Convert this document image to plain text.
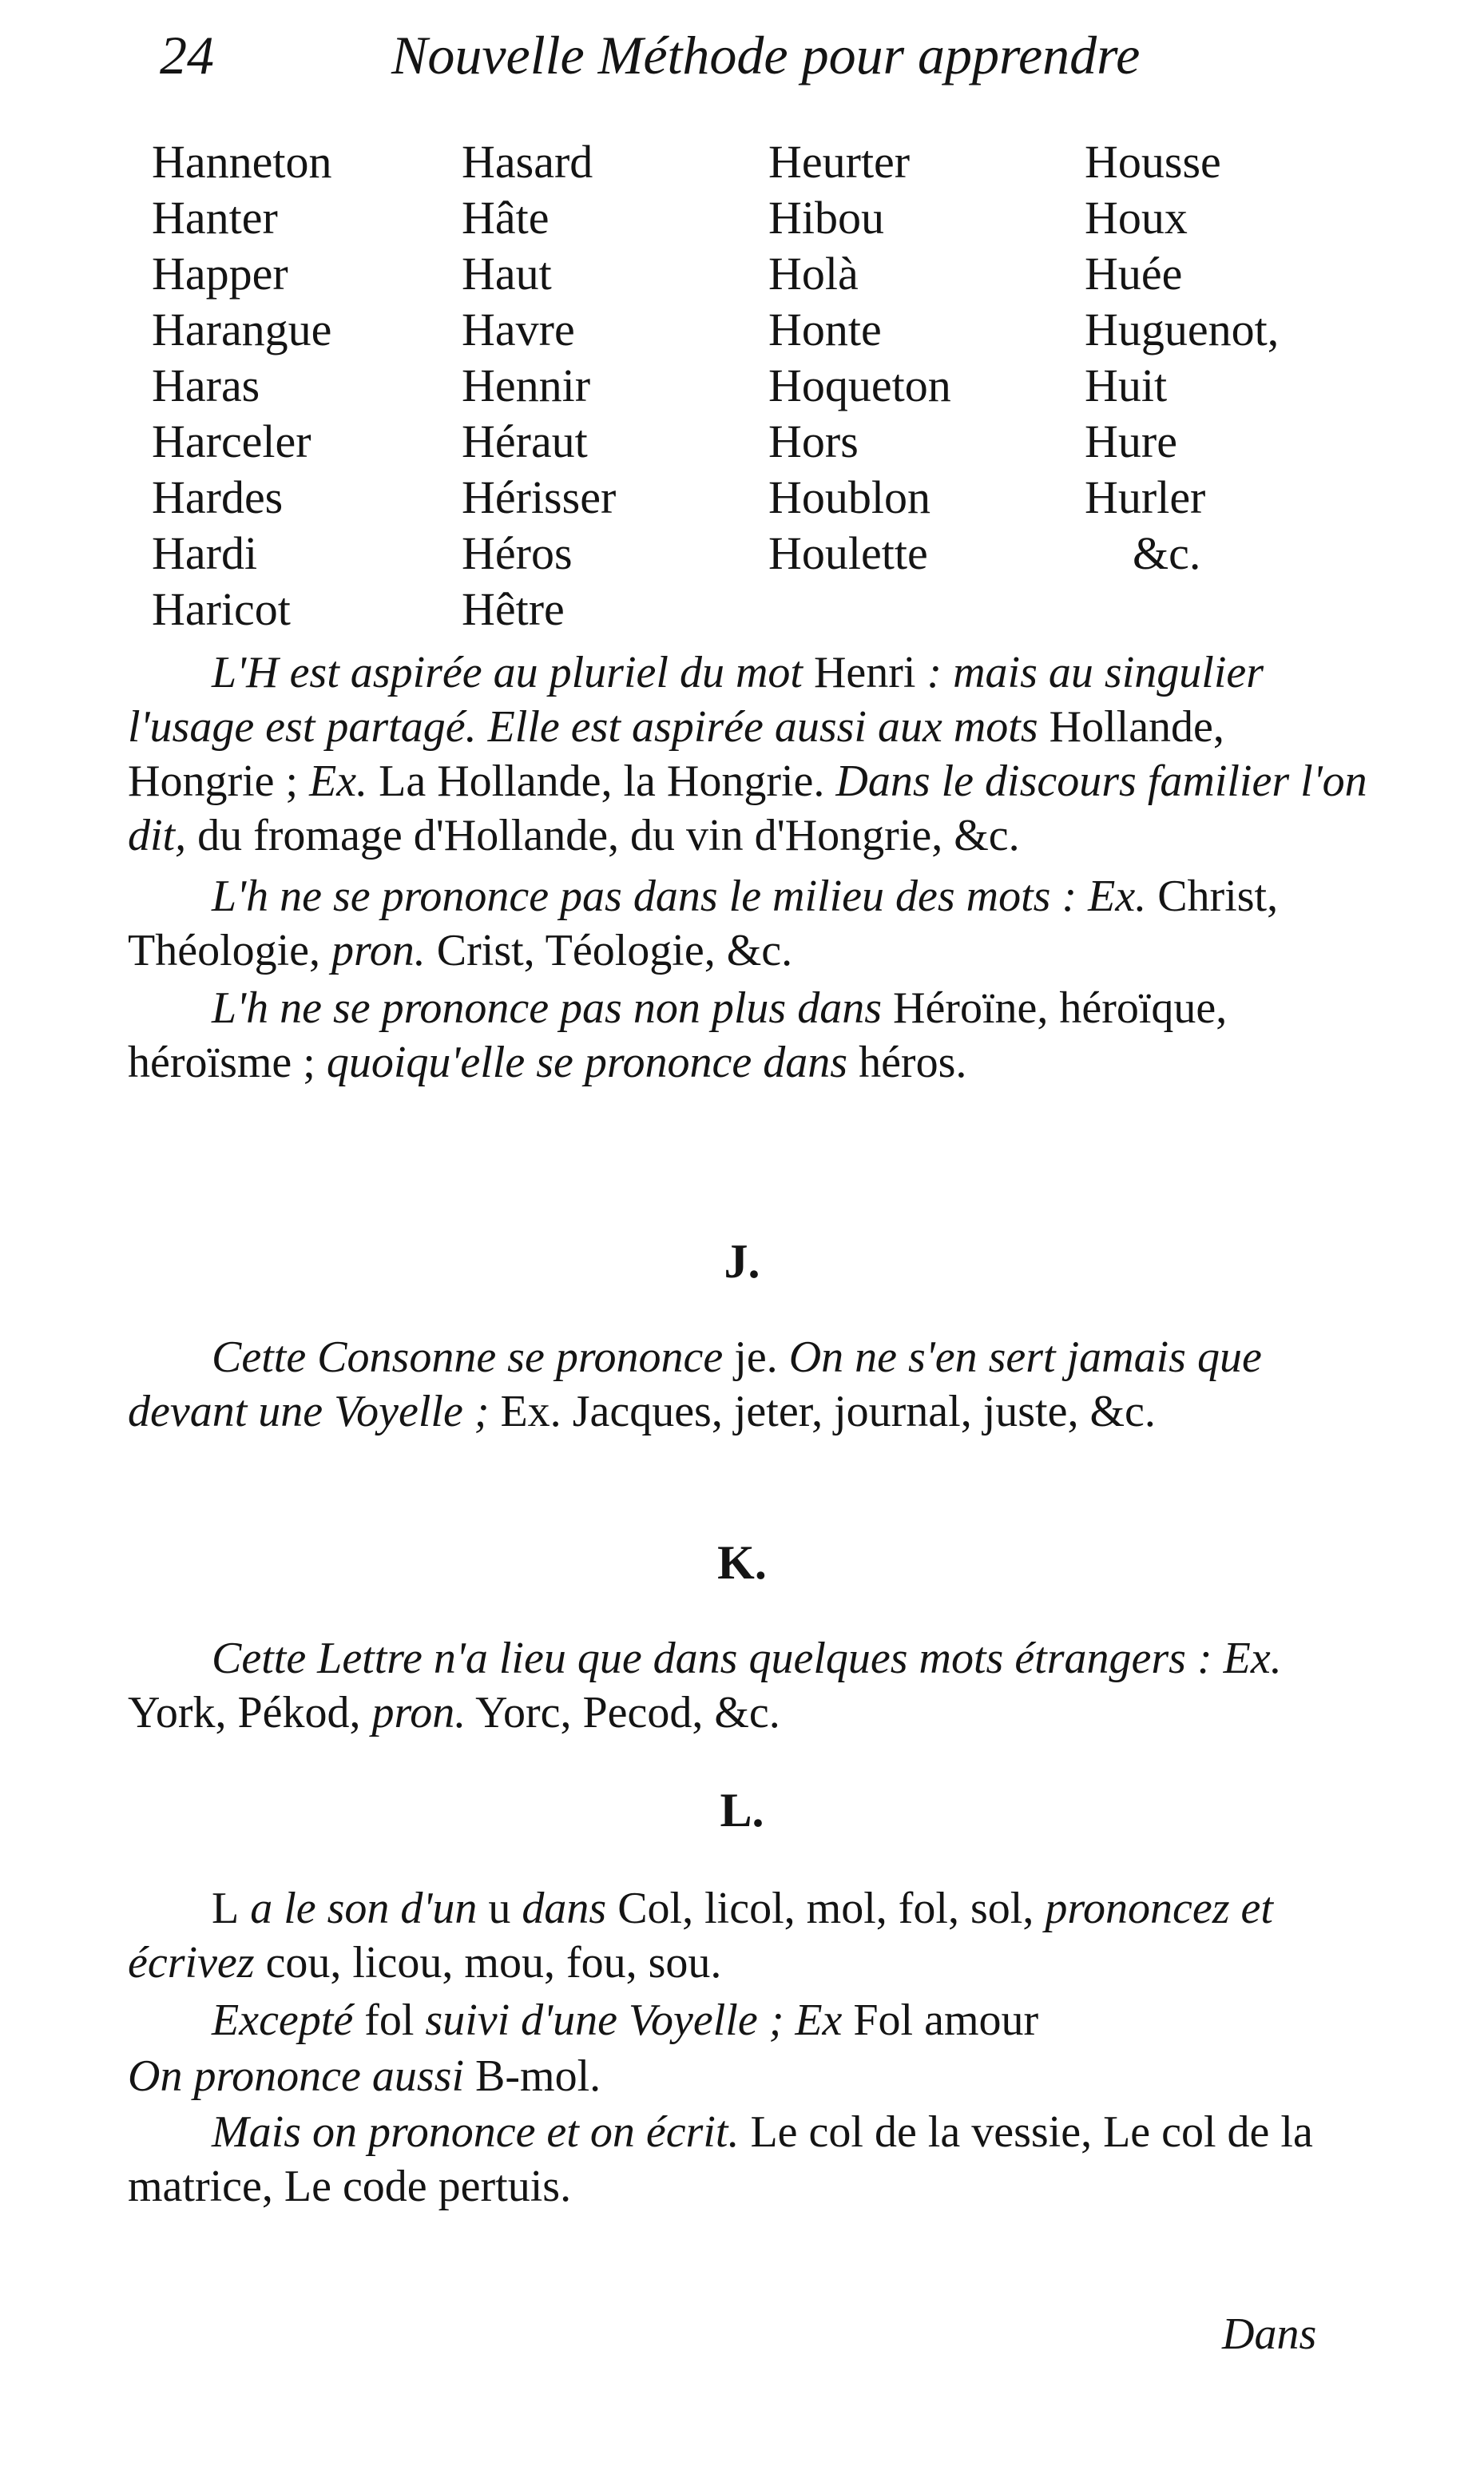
24	Nouvelle Méthode pour apprendre
Hanneton
Hanter
Happer
Harangue
Haras
Harceler
Hardes
Hardi
Haricot
Hasard
Hâte
Haut
Havre
Hennir
Héraut
Hérisser
Héros
Hêtre
Heurter
Hibou
Holà
Honte
Hoqueton
Hors
Houblon
Houlette
Housse
Houx
Huée
Huguenot,
Huit
Hure
Hurler
&c.

L'H est aspirée au pluriel du mot Henri : mais au singulier l'usage est partagé. Elle est aspirée aussi aux mots Hollande, Hongrie ; Ex. La Hollande, la Hongrie. Dans le discours familier l'on dit, du fromage d'Hollande, du vin d'Hongrie, &c.

L'h ne se prononce pas dans le milieu des mots : Ex. Christ, Théologie, pron. Crist, Téologie, &c.

L'h ne se prononce pas non plus dans Héroïne, héroïque, héroïsme ; quoiqu'elle se prononce dans héros.

J.

Cette Consonne se prononce je. On ne s'en sert jamais que devant une Voyelle ; Ex. Jacques, jeter, journal, juste, &c.

K.

Cette Lettre n'a lieu que dans quelques mots étrangers : Ex. York, Pékod, pron. Yorc, Pecod, &c.

L.

L a le son d'un u dans Col, licol, mol, fol, sol, prononcez et écrivez cou, licou, mou, fou, sou.

Excepté fol suivi d'une Voyelle ; Ex Fol amour

On prononce aussi B-mol.

Mais on prononce et on écrit. Le col de la vessie, Le col de la matrice, Le code pertuis.

Dans
